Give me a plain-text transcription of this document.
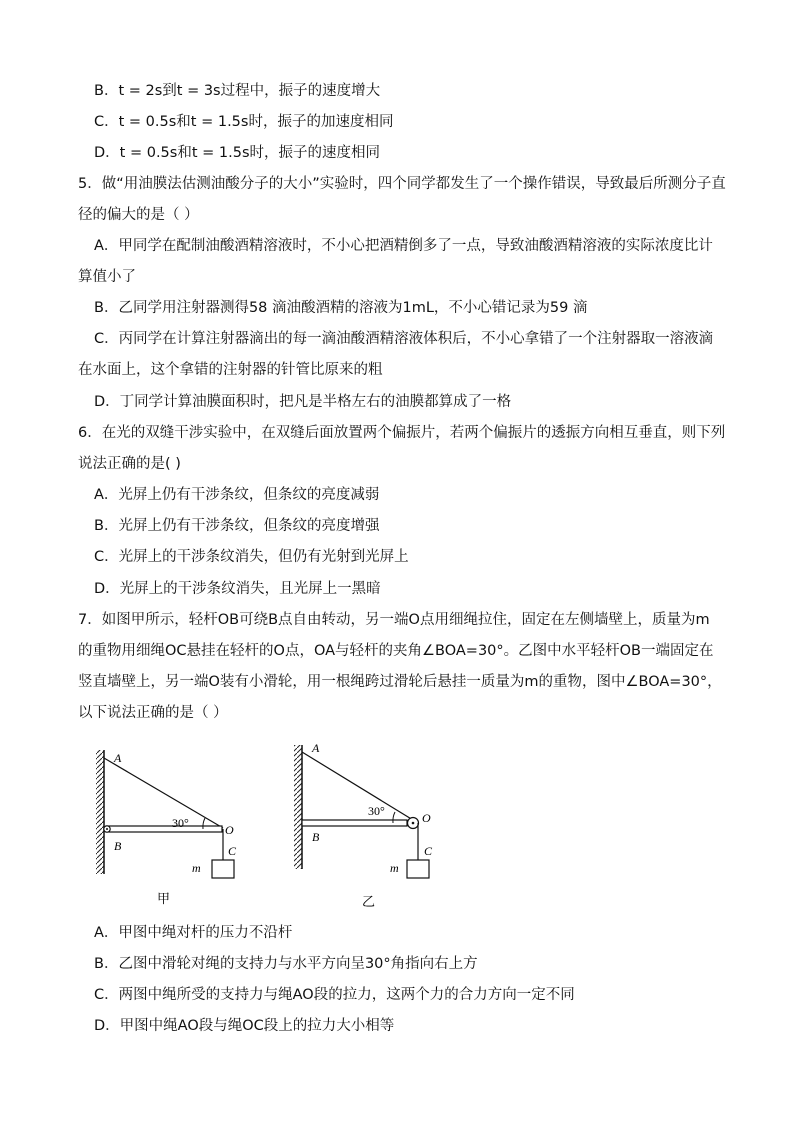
B．t = 2s到t = 3s过程中，振子的速度增大
C．t = 0.5s和t = 1.5s时，振子的加速度相同
D．t = 0.5s和t = 1.5s时，振子的速度相同
5．做“用油膜法估测油酸分子的大小”实验时，四个同学都发生了一个操作错误，导致最后所测分子直
径的偏大的是（ ）
A．甲同学在配制油酸酒精溶液时，不小心把酒精倒多了一点，导致油酸酒精溶液的实际浓度比计
算值小了
B．乙同学用注射器测得58 滴油酸酒精的溶液为1mL，不小心错记录为59 滴
C．丙同学在计算注射器滴出的每一滴油酸酒精溶液体积后，不小心拿错了一个注射器取一溶液滴
在水面上，这个拿错的注射器的针管比原来的粗
D．丁同学计算油膜面积时，把凡是半格左右的油膜都算成了一格
6．在光的双缝干涉实验中，在双缝后面放置两个偏振片，若两个偏振片的透振方向相互垂直，则下列
说法正确的是( )
A．光屏上仍有干涉条纹，但条纹的亮度减弱
B．光屏上仍有干涉条纹，但条纹的亮度增强
C．光屏上的干涉条纹消失，但仍有光射到光屏上
D．光屏上的干涉条纹消失，且光屏上一黑暗
7．如图甲所示，轻杆OB可绕B点自由转动，另一端O点用细绳拉住，固定在左侧墙壁上，质量为m
的重物用细绳OC悬挂在轻杆的O点，OA与轻杆的夹角∠BOA=30°。乙图中水平轻杆OB一端固定在
竖直墙壁上，另一端O装有小滑轮，用一根绳跨过滑轮后悬挂一质量为m的重物，图中∠BOA=30°，
以下说法正确的是（ ）
A
30°	O
B	C
m
甲
A
30°	O
B
C
m
乙
A．甲图中绳对杆的压力不沿杆
B．乙图中滑轮对绳的支持力与水平方向呈30°角指向右上方
C．两图中绳所受的支持力与绳AO段的拉力，这两个力的合力方向一定不同
D．甲图中绳AO段与绳OC段上的拉力大小相等
